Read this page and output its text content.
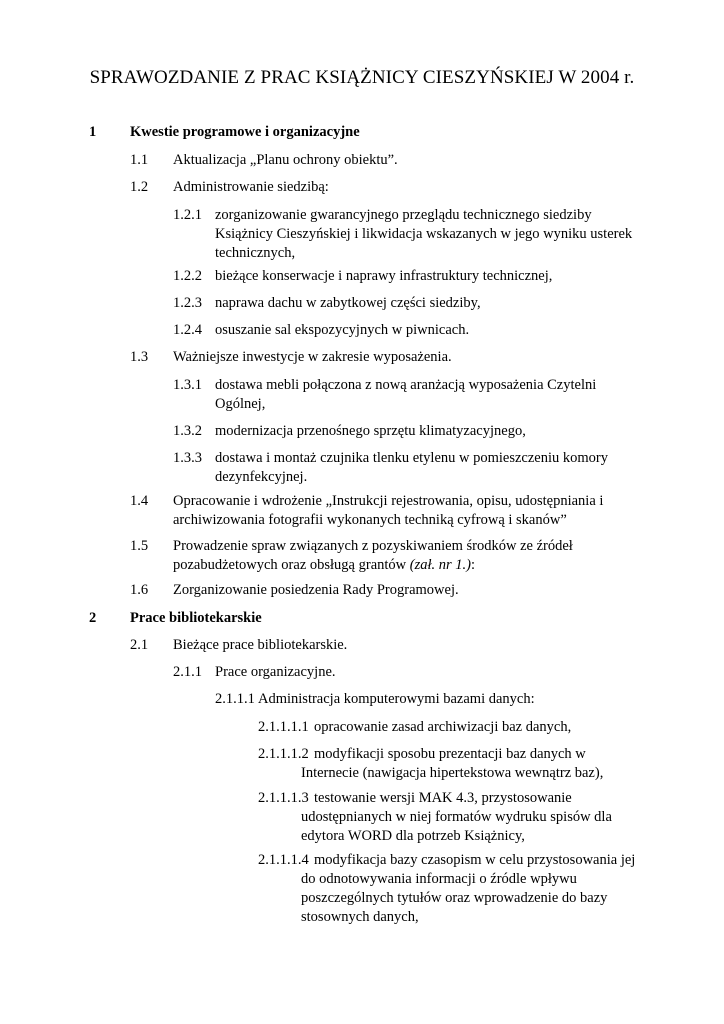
SPRAWOZDANIE Z PRAC KSIĄŻNICY CIESZYŃSKIEJ W 2004 r.
1 Kwestie programowe i organizacyjne
1.1 Aktualizacja „Planu ochrony obiektu”.
1.2 Administrowanie siedzibą:
1.2.1 zorganizowanie gwarancyjnego przeglądu technicznego siedziby
Książnicy Cieszyńskiej i likwidacja wskazanych w jego wyniku usterek
technicznych,
1.2.2 bieżące konserwacje i naprawy infrastruktury technicznej,
1.2.3 naprawa dachu w zabytkowej części siedziby,
1.2.4 osuszanie sal ekspozycyjnych w piwnicach.
1.3 Ważniejsze inwestycje w zakresie wyposażenia.
1.3.1 dostawa mebli połączona z nową aranżacją wyposażenia Czytelni
Ogólnej,
1.3.2 modernizacja przenośnego sprzętu klimatyzacyjnego,
1.3.3 dostawa i montaż czujnika tlenku etylenu w pomieszczeniu komory
dezynfekcyjnej.
1.4 Opracowanie i wdrożenie „Instrukcji rejestrowania, opisu, udostępniania i
archiwizowania fotografii wykonanych techniką cyfrową i skanów”
1.5 Prowadzenie spraw związanych z pozyskiwaniem środków ze źródeł
pozabudżetowych oraz obsługą grantów (zał. nr 1.):
1.6 Zorganizowanie posiedzenia Rady Programowej.
2 Prace bibliotekarskie
2.1 Bieżące prace bibliotekarskie.
2.1.1 Prace organizacyjne.
2.1.1.1 Administracja komputerowymi bazami danych:
2.1.1.1.1 opracowanie zasad archiwizacji baz danych,
2.1.1.1.2 modyfikacji sposobu prezentacji baz danych w
Internecie (nawigacja hipertekstowa wewnątrz baz),
2.1.1.1.3 testowanie wersji MAK 4.3, przystosowanie
udostępnianych w niej formatów wydruku spisów dla
edytora WORD dla potrzeb Książnicy,
2.1.1.1.4 modyfikacja bazy czasopism w celu przystosowania jej
do odnotowywania informacji o źródle wpływu
poszczególnych tytułów oraz wprowadzenie do bazy
stosownych danych,
